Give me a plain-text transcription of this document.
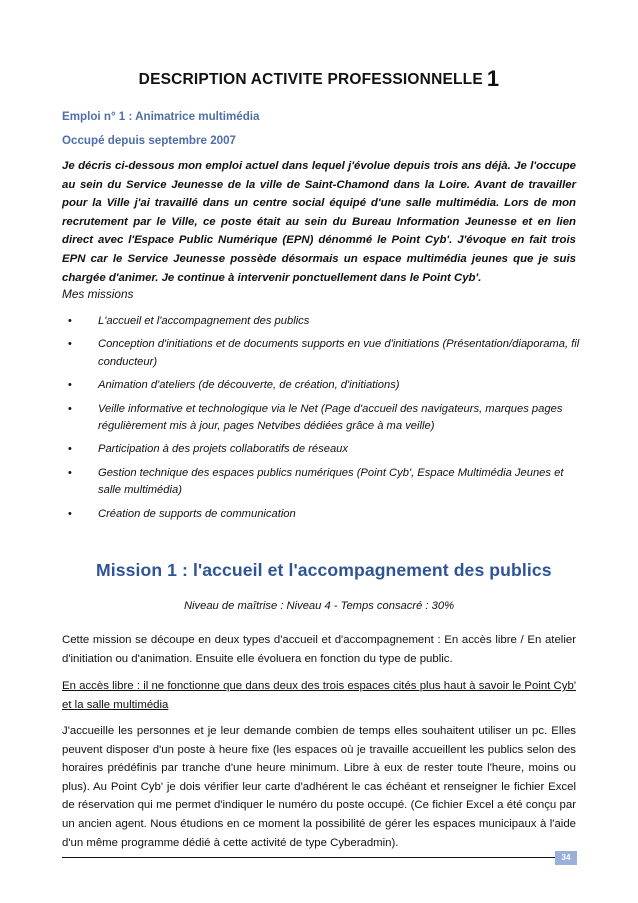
DESCRIPTION ACTIVITE PROFESSIONNELLE 1
Emploi n° 1 : Animatrice multimédia
Occupé depuis septembre 2007
Je décris ci-dessous mon emploi actuel dans lequel j'évolue depuis trois ans déjà. Je l'occupe au sein du Service Jeunesse de la ville de Saint-Chamond dans la Loire. Avant de travailler pour la Ville j'ai travaillé dans un centre social équipé d'une salle multimédia. Lors de mon recrutement par le Ville, ce poste était au sein du Bureau Information Jeunesse et en lien direct avec l'Espace Public Numérique (EPN) dénommé le Point Cyb'. J'évoque en fait trois EPN car le Service Jeunesse possède désormais un espace multimédia jeunes que je suis chargée d'animer. Je continue à intervenir ponctuellement dans le Point Cyb'.
Mes missions
• L'accueil et l'accompagnement des publics
• Conception d'initiations et de documents supports en vue d'initiations (Présentation/diaporama, fil conducteur)
• Animation d'ateliers (de découverte, de création, d'initiations)
• Veille informative et technologique via le Net (Page d'accueil des navigateurs, marques pages régulièrement mis à jour, pages Netvibes dédiées grâce à ma veille)
• Participation à des projets collaboratifs de réseaux
• Gestion technique des espaces publics numériques (Point Cyb', Espace Multimédia Jeunes et salle multimédia)
• Création de supports de communication
Mission 1 : l'accueil et l'accompagnement des publics
Niveau de maîtrise : Niveau 4 - Temps consacré : 30%
Cette mission se découpe en deux types d'accueil et d'accompagnement : En accès libre / En atelier d'initiation ou d'animation. Ensuite elle évoluera en fonction du type de public.
En accès libre : il ne fonctionne que dans deux des trois espaces cités plus haut à savoir le Point Cyb' et la salle multimédia
J'accueille les personnes et je leur demande combien de temps elles souhaitent utiliser un pc. Elles peuvent disposer d'un poste à heure fixe (les espaces où je travaille accueillent les publics selon des horaires prédéfinis par tranche d'une heure minimum. Libre à eux de rester toute l'heure, moins ou plus). Au Point Cyb' je dois vérifier leur carte d'adhérent le cas échéant et renseigner le fichier Excel de réservation qui me permet d'indiquer le numéro du poste occupé. (Ce fichier Excel a été conçu par un ancien agent. Nous étudions en ce moment la possibilité de gérer les espaces municipaux à l'aide d'un même programme dédié à cette activité de type Cyberadmin).
34
